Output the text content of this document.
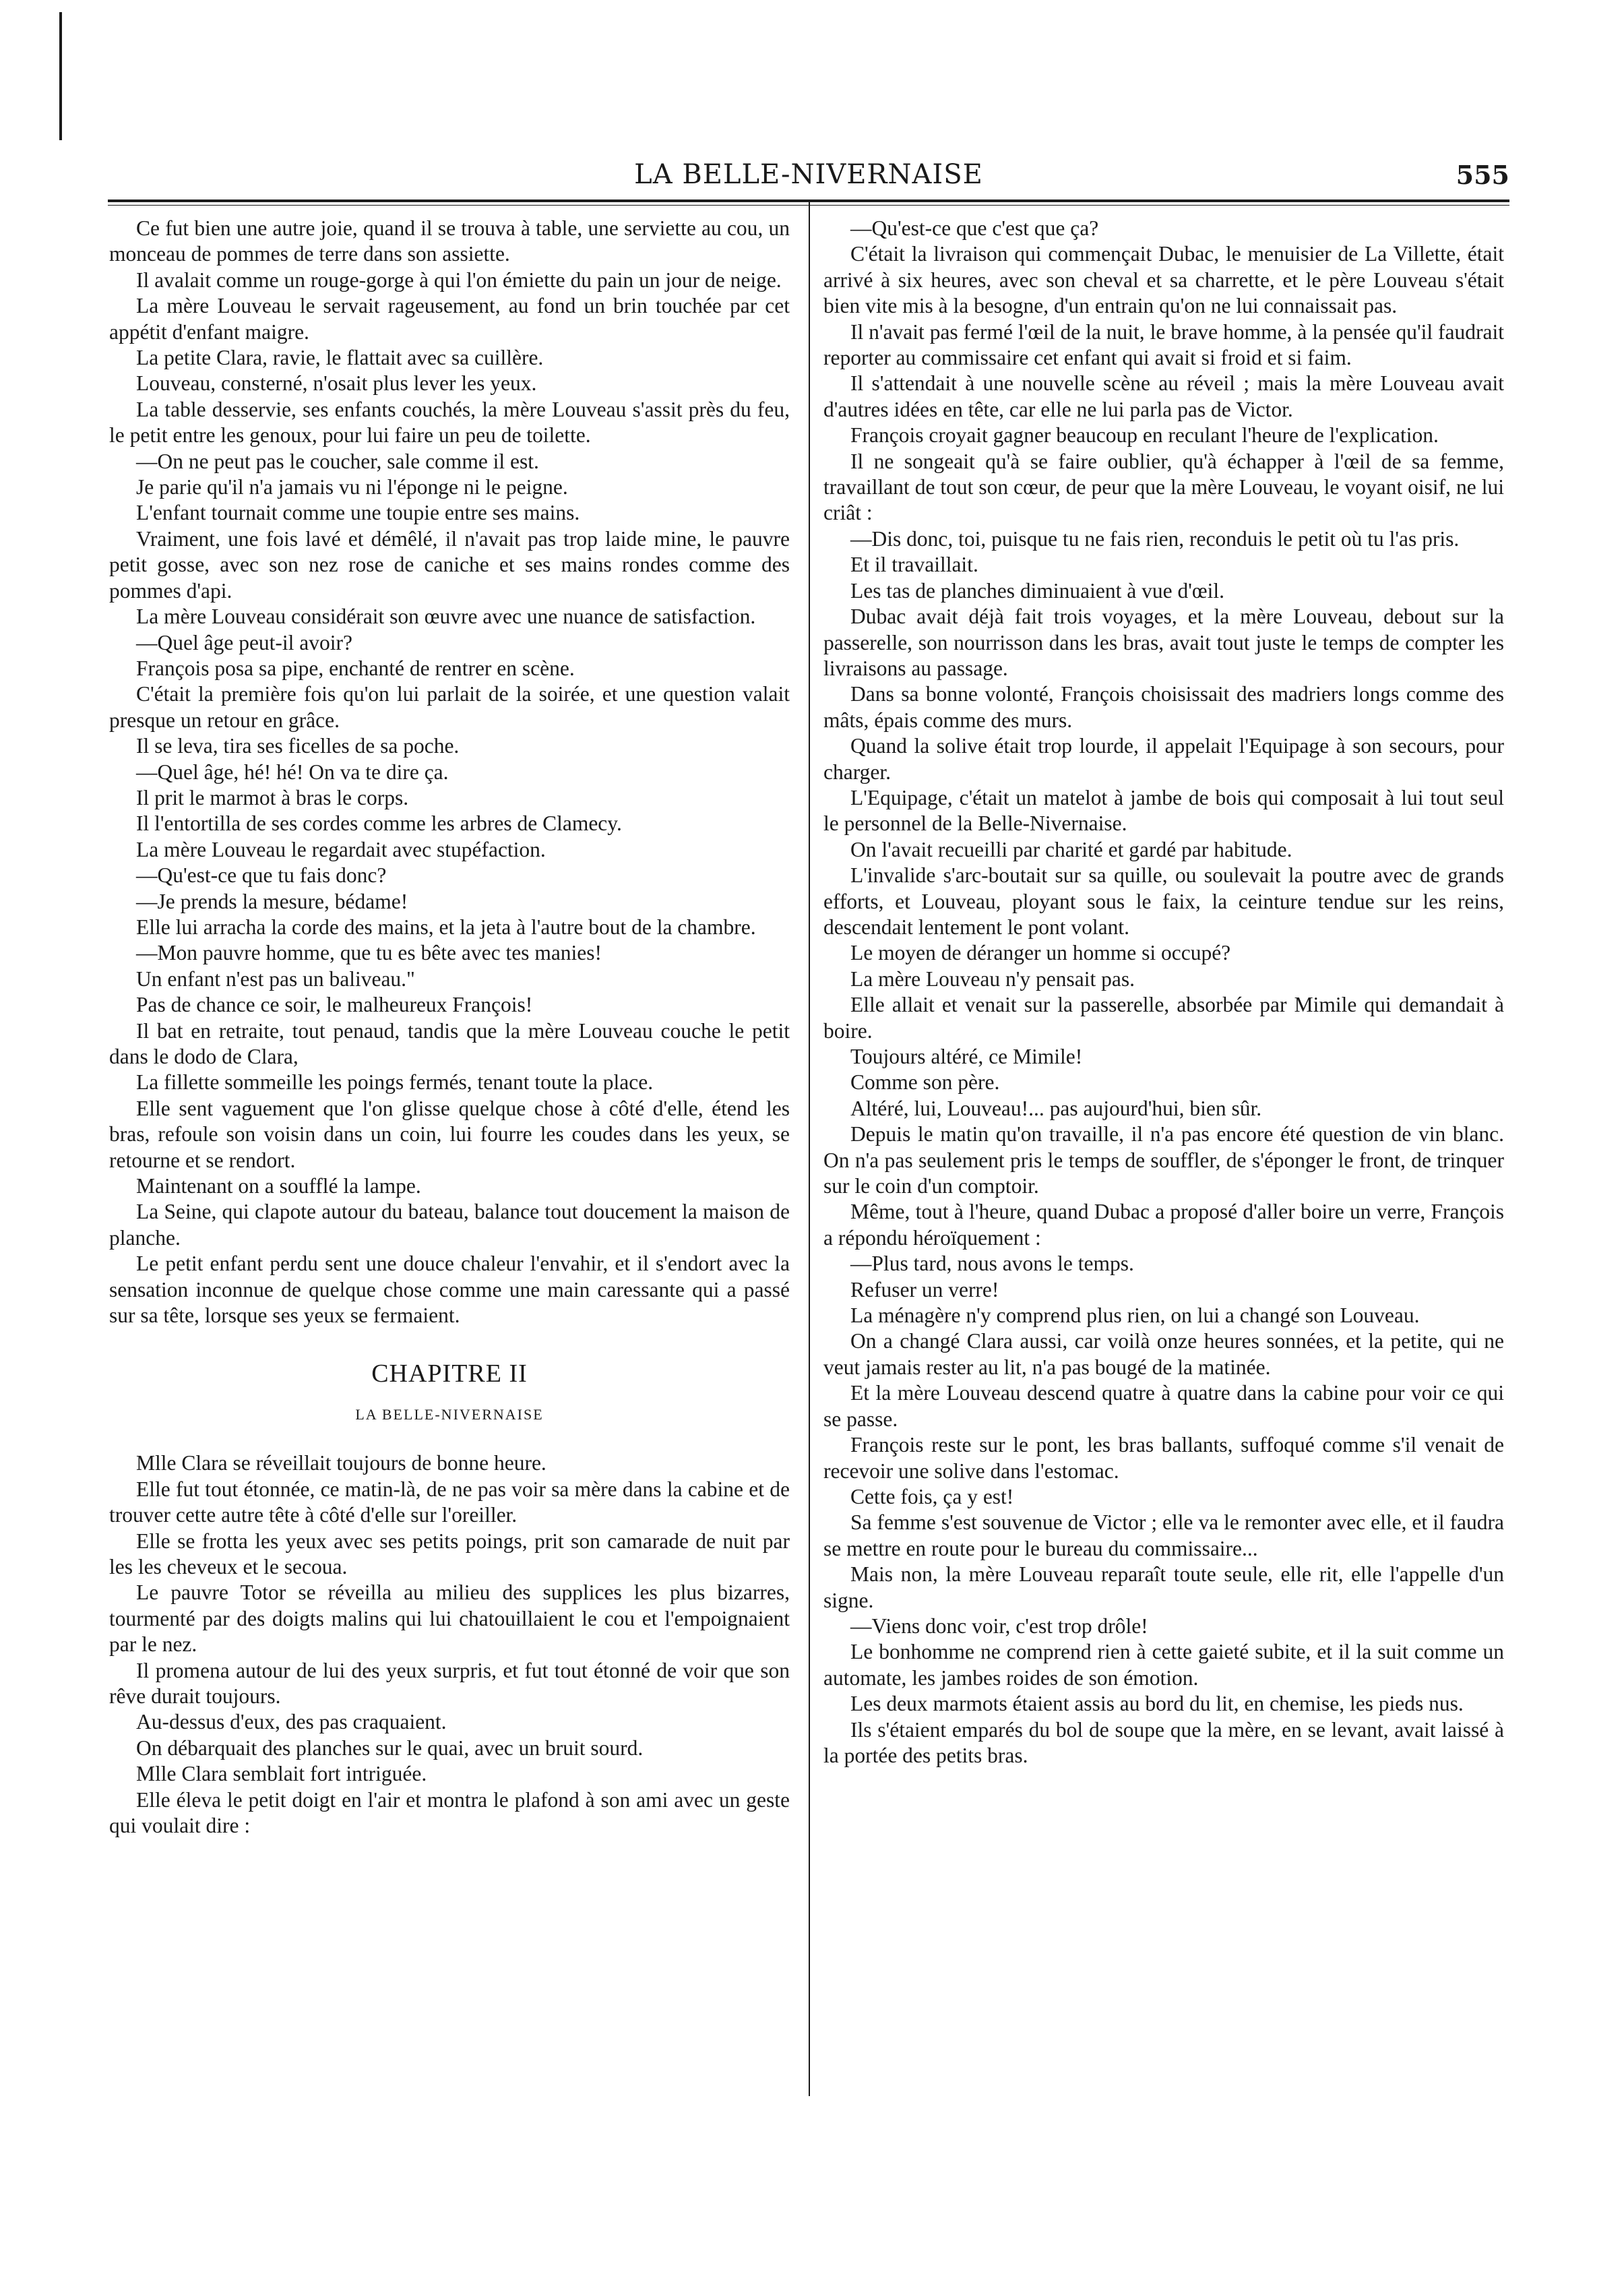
LA BELLE-NIVERNAISE	555

Ce fut bien une autre joie, quand il se trouva à table, une serviette au cou, un monceau de pommes de terre dans son assiette.

Il avalait comme un rouge-gorge à qui l'on émiette du pain un jour de neige.

La mère Louveau le servait rageusement, au fond un brin touchée par cet appétit d'enfant maigre.

La petite Clara, ravie, le flattait avec sa cuillère.

Louveau, consterné, n'osait plus lever les yeux.

La table desservie, ses enfants couchés, la mère Louveau s'assit près du feu, le petit entre les genoux, pour lui faire un peu de toilette.

—On ne peut pas le coucher, sale comme il est.

Je parie qu'il n'a jamais vu ni l'éponge ni le peigne.

L'enfant tournait comme une toupie entre ses mains.

Vraiment, une fois lavé et démêlé, il n'avait pas trop laide mine, le pauvre petit gosse, avec son nez rose de caniche et ses mains rondes comme des pommes d'api.

La mère Louveau considérait son œuvre avec une nuance de satisfaction.

—Quel âge peut-il avoir?

François posa sa pipe, enchanté de rentrer en scène.

C'était la première fois qu'on lui parlait de la soirée, et une question valait presque un retour en grâce.

Il se leva, tira ses ficelles de sa poche.

—Quel âge, hé! hé! On va te dire ça.

Il prit le marmot à bras le corps.

Il l'entortilla de ses cordes comme les arbres de Clamecy.

La mère Louveau le regardait avec stupéfaction.

—Qu'est-ce que tu fais donc?

—Je prends la mesure, bédame!

Elle lui arracha la corde des mains, et la jeta à l'autre bout de la chambre.

—Mon pauvre homme, que tu es bête avec tes manies!

Un enfant n'est pas un baliveau."

Pas de chance ce soir, le malheureux François!

Il bat en retraite, tout penaud, tandis que la mère Louveau couche le petit dans le dodo de Clara,

La fillette sommeille les poings fermés, tenant toute la place.

Elle sent vaguement que l'on glisse quelque chose à côté d'elle, étend les bras, refoule son voisin dans un coin, lui fourre les coudes dans les yeux, se retourne et se rendort.

Maintenant on a soufflé la lampe.

La Seine, qui clapote autour du bateau, balance tout doucement la maison de planche.

Le petit enfant perdu sent une douce chaleur l'envahir, et il s'endort avec la sensation inconnue de quelque chose comme une main caressante qui a passé sur sa tête, lorsque ses yeux se fermaient.

CHAPITRE II
LA BELLE-NIVERNAISE

Mlle Clara se réveillait toujours de bonne heure.

Elle fut tout étonnée, ce matin-là, de ne pas voir sa mère dans la cabine et de trouver cette autre tête à côté d'elle sur l'oreiller.

Elle se frotta les yeux avec ses petits poings, prit son camarade de nuit par les les cheveux et le secoua.

Le pauvre Totor se réveilla au milieu des supplices les plus bizarres, tourmenté par des doigts malins qui lui chatouillaient le cou et l'empoignaient par le nez.

Il promena autour de lui des yeux surpris, et fut tout étonné de voir que son rêve durait toujours.

Au-dessus d'eux, des pas craquaient.

On débarquait des planches sur le quai, avec un bruit sourd.

Mlle Clara semblait fort intriguée.

Elle éleva le petit doigt en l'air et montra le plafond à son ami avec un geste qui voulait dire :

—Qu'est-ce que c'est que ça?

C'était la livraison qui commençait Dubac, le menuisier de La Villette, était arrivé à six heures, avec son cheval et sa charrette, et le père Louveau s'était bien vite mis à la besogne, d'un entrain qu'on ne lui connaissait pas.

Il n'avait pas fermé l'œil de la nuit, le brave homme, à la pensée qu'il faudrait reporter au commissaire cet enfant qui avait si froid et si faim.

Il s'attendait à une nouvelle scène au réveil ; mais la mère Louveau avait d'autres idées en tête, car elle ne lui parla pas de Victor.

François croyait gagner beaucoup en reculant l'heure de l'explication.

Il ne songeait qu'à se faire oublier, qu'à échapper à l'œil de sa femme, travaillant de tout son cœur, de peur que la mère Louveau, le voyant oisif, ne lui criât :

—Dis donc, toi, puisque tu ne fais rien, reconduis le petit où tu l'as pris.

Et il travaillait.

Les tas de planches diminuaient à vue d'œil.

Dubac avait déjà fait trois voyages, et la mère Louveau, debout sur la passerelle, son nourrisson dans les bras, avait tout juste le temps de compter les livraisons au passage.

Dans sa bonne volonté, François choisissait des madriers longs comme des mâts, épais comme des murs.

Quand la solive était trop lourde, il appelait l'Equipage à son secours, pour charger.

L'Equipage, c'était un matelot à jambe de bois qui composait à lui tout seul le personnel de la Belle-Nivernaise.

On l'avait recueilli par charité et gardé par habitude.

L'invalide s'arc-boutait sur sa quille, ou soulevait la poutre avec de grands efforts, et Louveau, ployant sous le faix, la ceinture tendue sur les reins, descendait lentement le pont volant.

Le moyen de déranger un homme si occupé?

La mère Louveau n'y pensait pas.

Elle allait et venait sur la passerelle, absorbée par Mimile qui demandait à boire.

Toujours altéré, ce Mimile!

Comme son père.

Altéré, lui, Louveau!... pas aujourd'hui, bien sûr.

Depuis le matin qu'on travaille, il n'a pas encore été question de vin blanc. On n'a pas seulement pris le temps de souffler, de s'éponger le front, de trinquer sur le coin d'un comptoir.

Même, tout à l'heure, quand Dubac a proposé d'aller boire un verre, François a répondu héroïquement :

—Plus tard, nous avons le temps.

Refuser un verre!

La ménagère n'y comprend plus rien, on lui a changé son Louveau.

On a changé Clara aussi, car voilà onze heures sonnées, et la petite, qui ne veut jamais rester au lit, n'a pas bougé de la matinée.

Et la mère Louveau descend quatre à quatre dans la cabine pour voir ce qui se passe.

François reste sur le pont, les bras ballants, suffoqué comme s'il venait de recevoir une solive dans l'estomac.

Cette fois, ça y est!

Sa femme s'est souvenue de Victor ; elle va le remonter avec elle, et il faudra se mettre en route pour le bureau du commissaire...

Mais non, la mère Louveau reparaît toute seule, elle rit, elle l'appelle d'un signe.

—Viens donc voir, c'est trop drôle!

Le bonhomme ne comprend rien à cette gaieté subite, et il la suit comme un automate, les jambes roides de son émotion.

Les deux marmots étaient assis au bord du lit, en chemise, les pieds nus.

Ils s'étaient emparés du bol de soupe que la mère, en se levant, avait laissé à la portée des petits bras.
